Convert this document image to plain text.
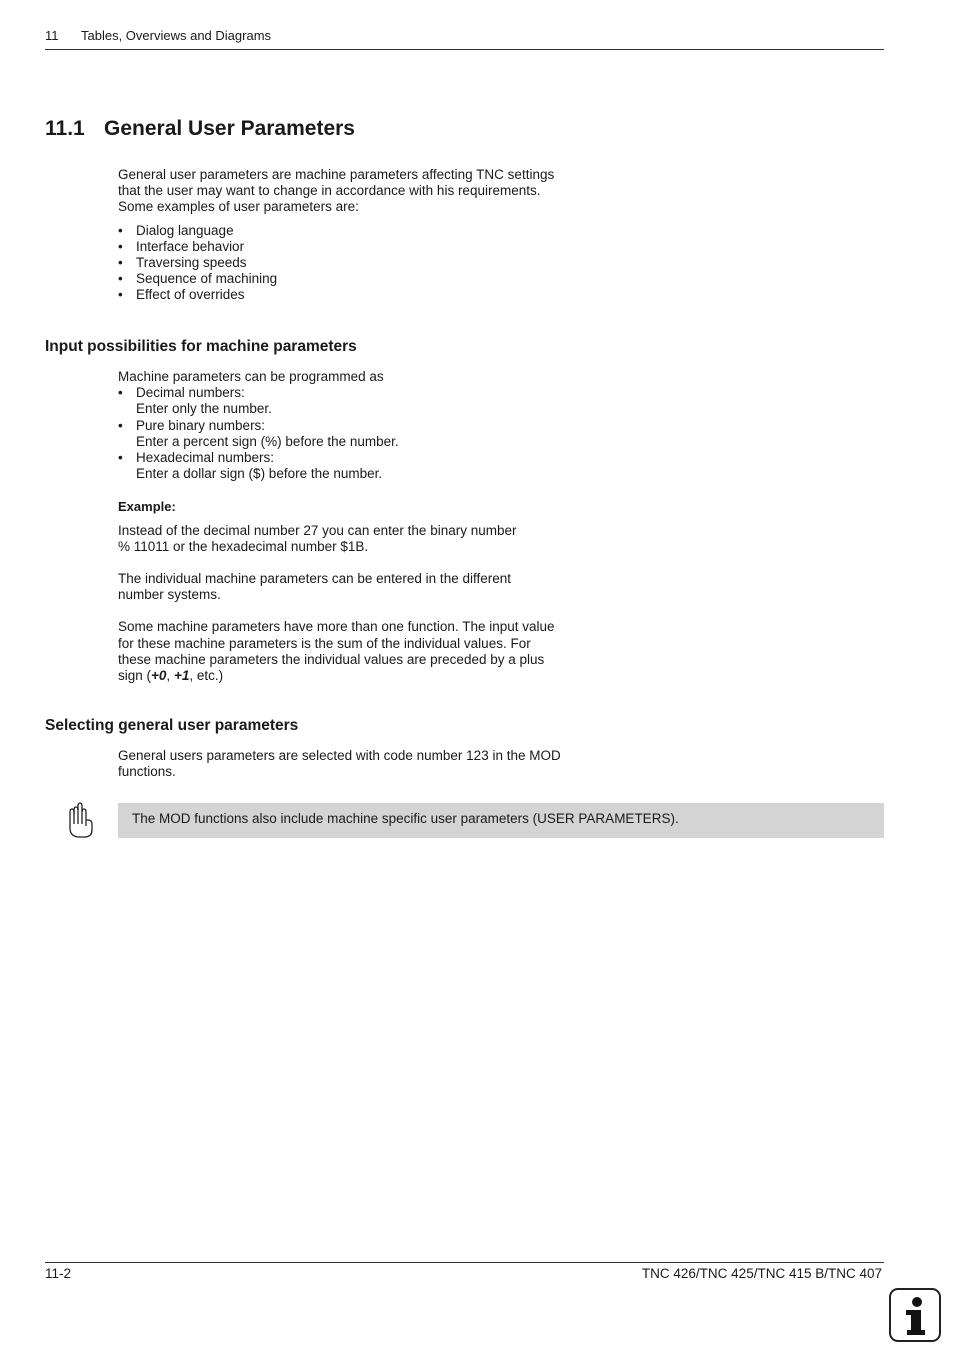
11 Tables, Overviews and Diagrams
11.1 General User Parameters

General user parameters are machine parameters affecting TNC settings

that the user may want to change in accordance with his requirements.

Some examples of user parameters are:

• Dialog language
• Interface behavior
• Traversing speeds
• Sequence of machining
• Effect of overrides
Input possibilities for machine parameters

Machine parameters can be programmed as

• Decimal numbers:
Enter only the number.
• Pure binary numbers:
Enter a percent sign (%) before the number.
• Hexadecimal numbers:
Enter a dollar sign ($) before the number.

Example:

Instead of the decimal number 27 you can enter the binary number

% 11011 or the hexadecimal number $1B.

The individual machine parameters can be entered in the different

number systems.

Some machine parameters have more than one function. The input value

for these machine parameters is the sum of the individual values. For

these machine parameters the individual values are preceded by a plus

sign (+0, +1, etc.)

Selecting general user parameters

General users parameters are selected with code number 123 in the MOD

functions.

The MOD functions also include machine specific user parameters (USER PARAMETERS).
11-2	TNC 426/TNC 425/TNC 415 B/TNC 407
